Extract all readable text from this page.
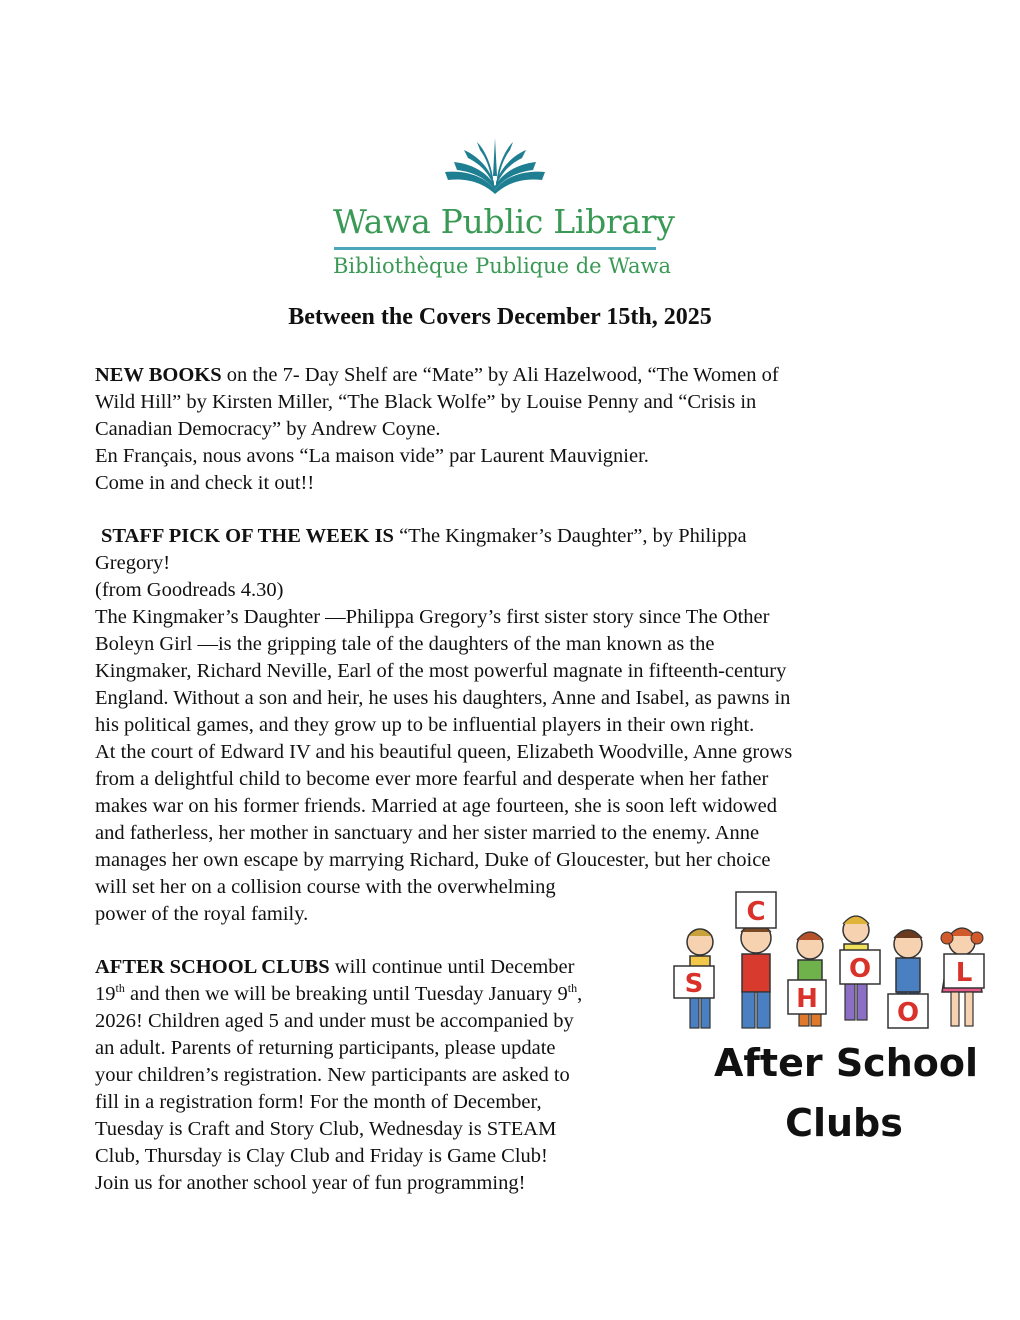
Wawa Public Library
Bibliothèque Publique de Wawa
Between the Covers December 15th, 2025

NEW BOOKS on the 7- Day Shelf are “Mate” by Ali Hazelwood, “The Women of

Wild Hill” by Kirsten Miller, “The Black Wolfe” by Louise Penny and “Crisis in

Canadian Democracy” by Andrew Coyne.

En Français, nous avons “La maison vide” par Laurent Mauvignier.

Come in and check it out!!

STAFF PICK OF THE WEEK IS “The Kingmaker’s Daughter”, by Philippa

Gregory!

(from Goodreads 4.30)

The Kingmaker’s Daughter —Philippa Gregory’s first sister story since The Other

Boleyn Girl —is the gripping tale of the daughters of the man known as the

Kingmaker, Richard Neville, Earl of the most powerful magnate in fifteenth-century

England. Without a son and heir, he uses his daughters, Anne and Isabel, as pawns in

his political games, and they grow up to be influential players in their own right.

At the court of Edward IV and his beautiful queen, Elizabeth Woodville, Anne grows

from a delightful child to become ever more fearful and desperate when her father

makes war on his former friends. Married at age fourteen, she is soon left widowed

and fatherless, her mother in sanctuary and her sister married to the enemy. Anne

manages her own escape by marrying Richard, Duke of Gloucester, but her choice

will set her on a collision course with the overwhelming

power of the royal family.

AFTER SCHOOL CLUBS will continue until December

19th and then we will be breaking until Tuesday January 9th,

2026! Children aged 5 and under must be accompanied by

an adult. Parents of returning participants, please update

your children’s registration. New participants are asked to

fill in a registration form! For the month of December,

Tuesday is Craft and Story Club, Wednesday is STEAM

Club, Thursday is Clay Club and Friday is Game Club!

Join us for another school year of fun programming!

S
C
H
O
O
L
After School
Clubs
